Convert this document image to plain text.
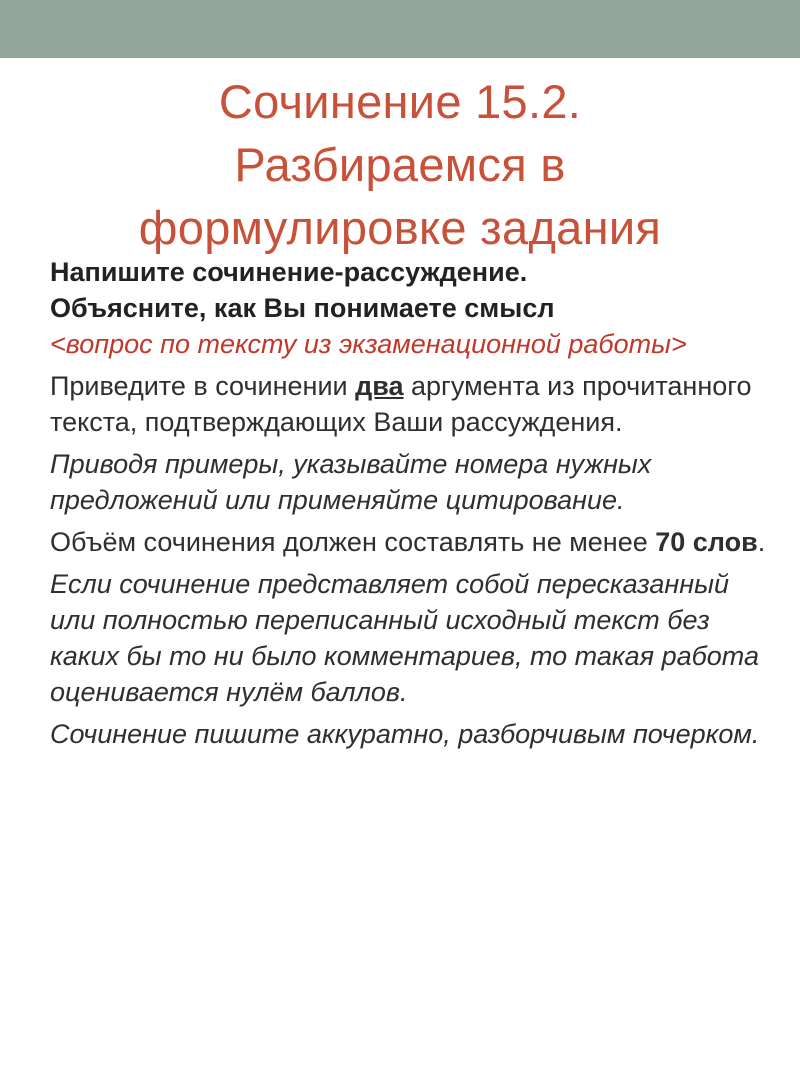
Сочинение 15.2.
Разбираемся в
формулировке задания

Напишите сочинение-рассуждение.
Объясните, как Вы понимаете смысл
<вопрос по тексту из экзаменационной работы>

Приведите в сочинении два аргумента из прочитанного текста, подтверждающих Ваши рассуждения.

Приводя примеры, указывайте номера нужных предложений или применяйте цитирование.

Объём сочинения должен составлять не менее 70 слов.

Если сочинение представляет собой пересказанный или полностью переписанный исходный текст без каких бы то ни было комментариев, то такая работа оценивается нулём баллов.

Сочинение пишите аккуратно, разборчивым почерком.
